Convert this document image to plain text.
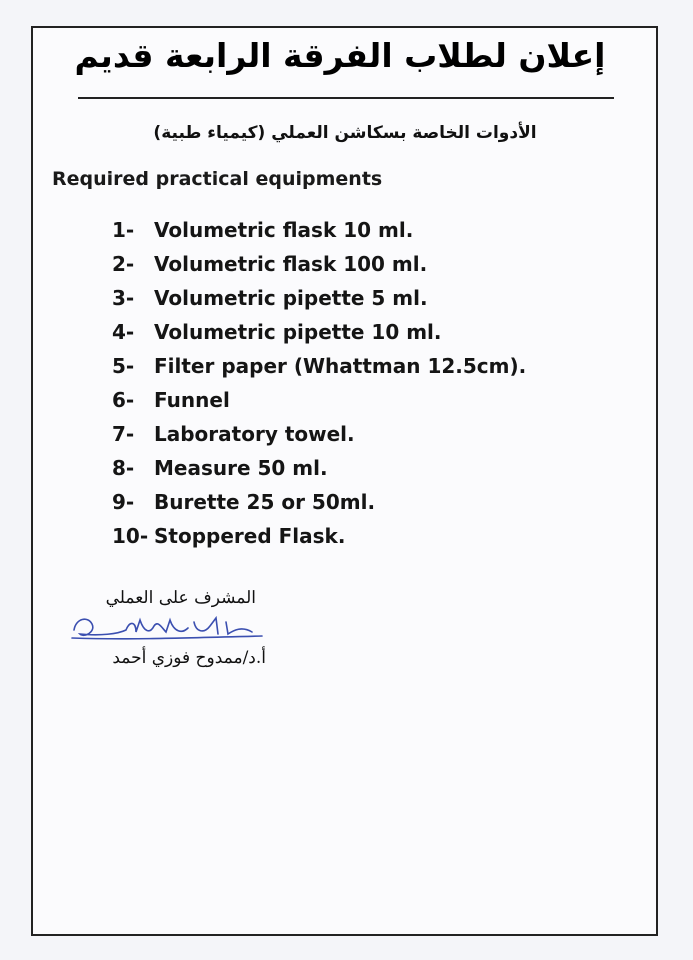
إعلان لطلاب الفرقة الرابعة قديم
الأدوات الخاصة بسكاشن العملي (كيمياء طبية)
Required practical equipments
1- Volumetric flask 10 ml.
2- Volumetric flask 100 ml.
3- Volumetric pipette 5 ml.
4- Volumetric pipette 10 ml.
5- Filter paper (Whattman 12.5cm).
6- Funnel
7- Laboratory towel.
8- Measure 50 ml.
9- Burette 25 or 50ml.
10- Stoppered Flask.
المشرف على العملي
أ.د/ممدوح فوزي أحمد
